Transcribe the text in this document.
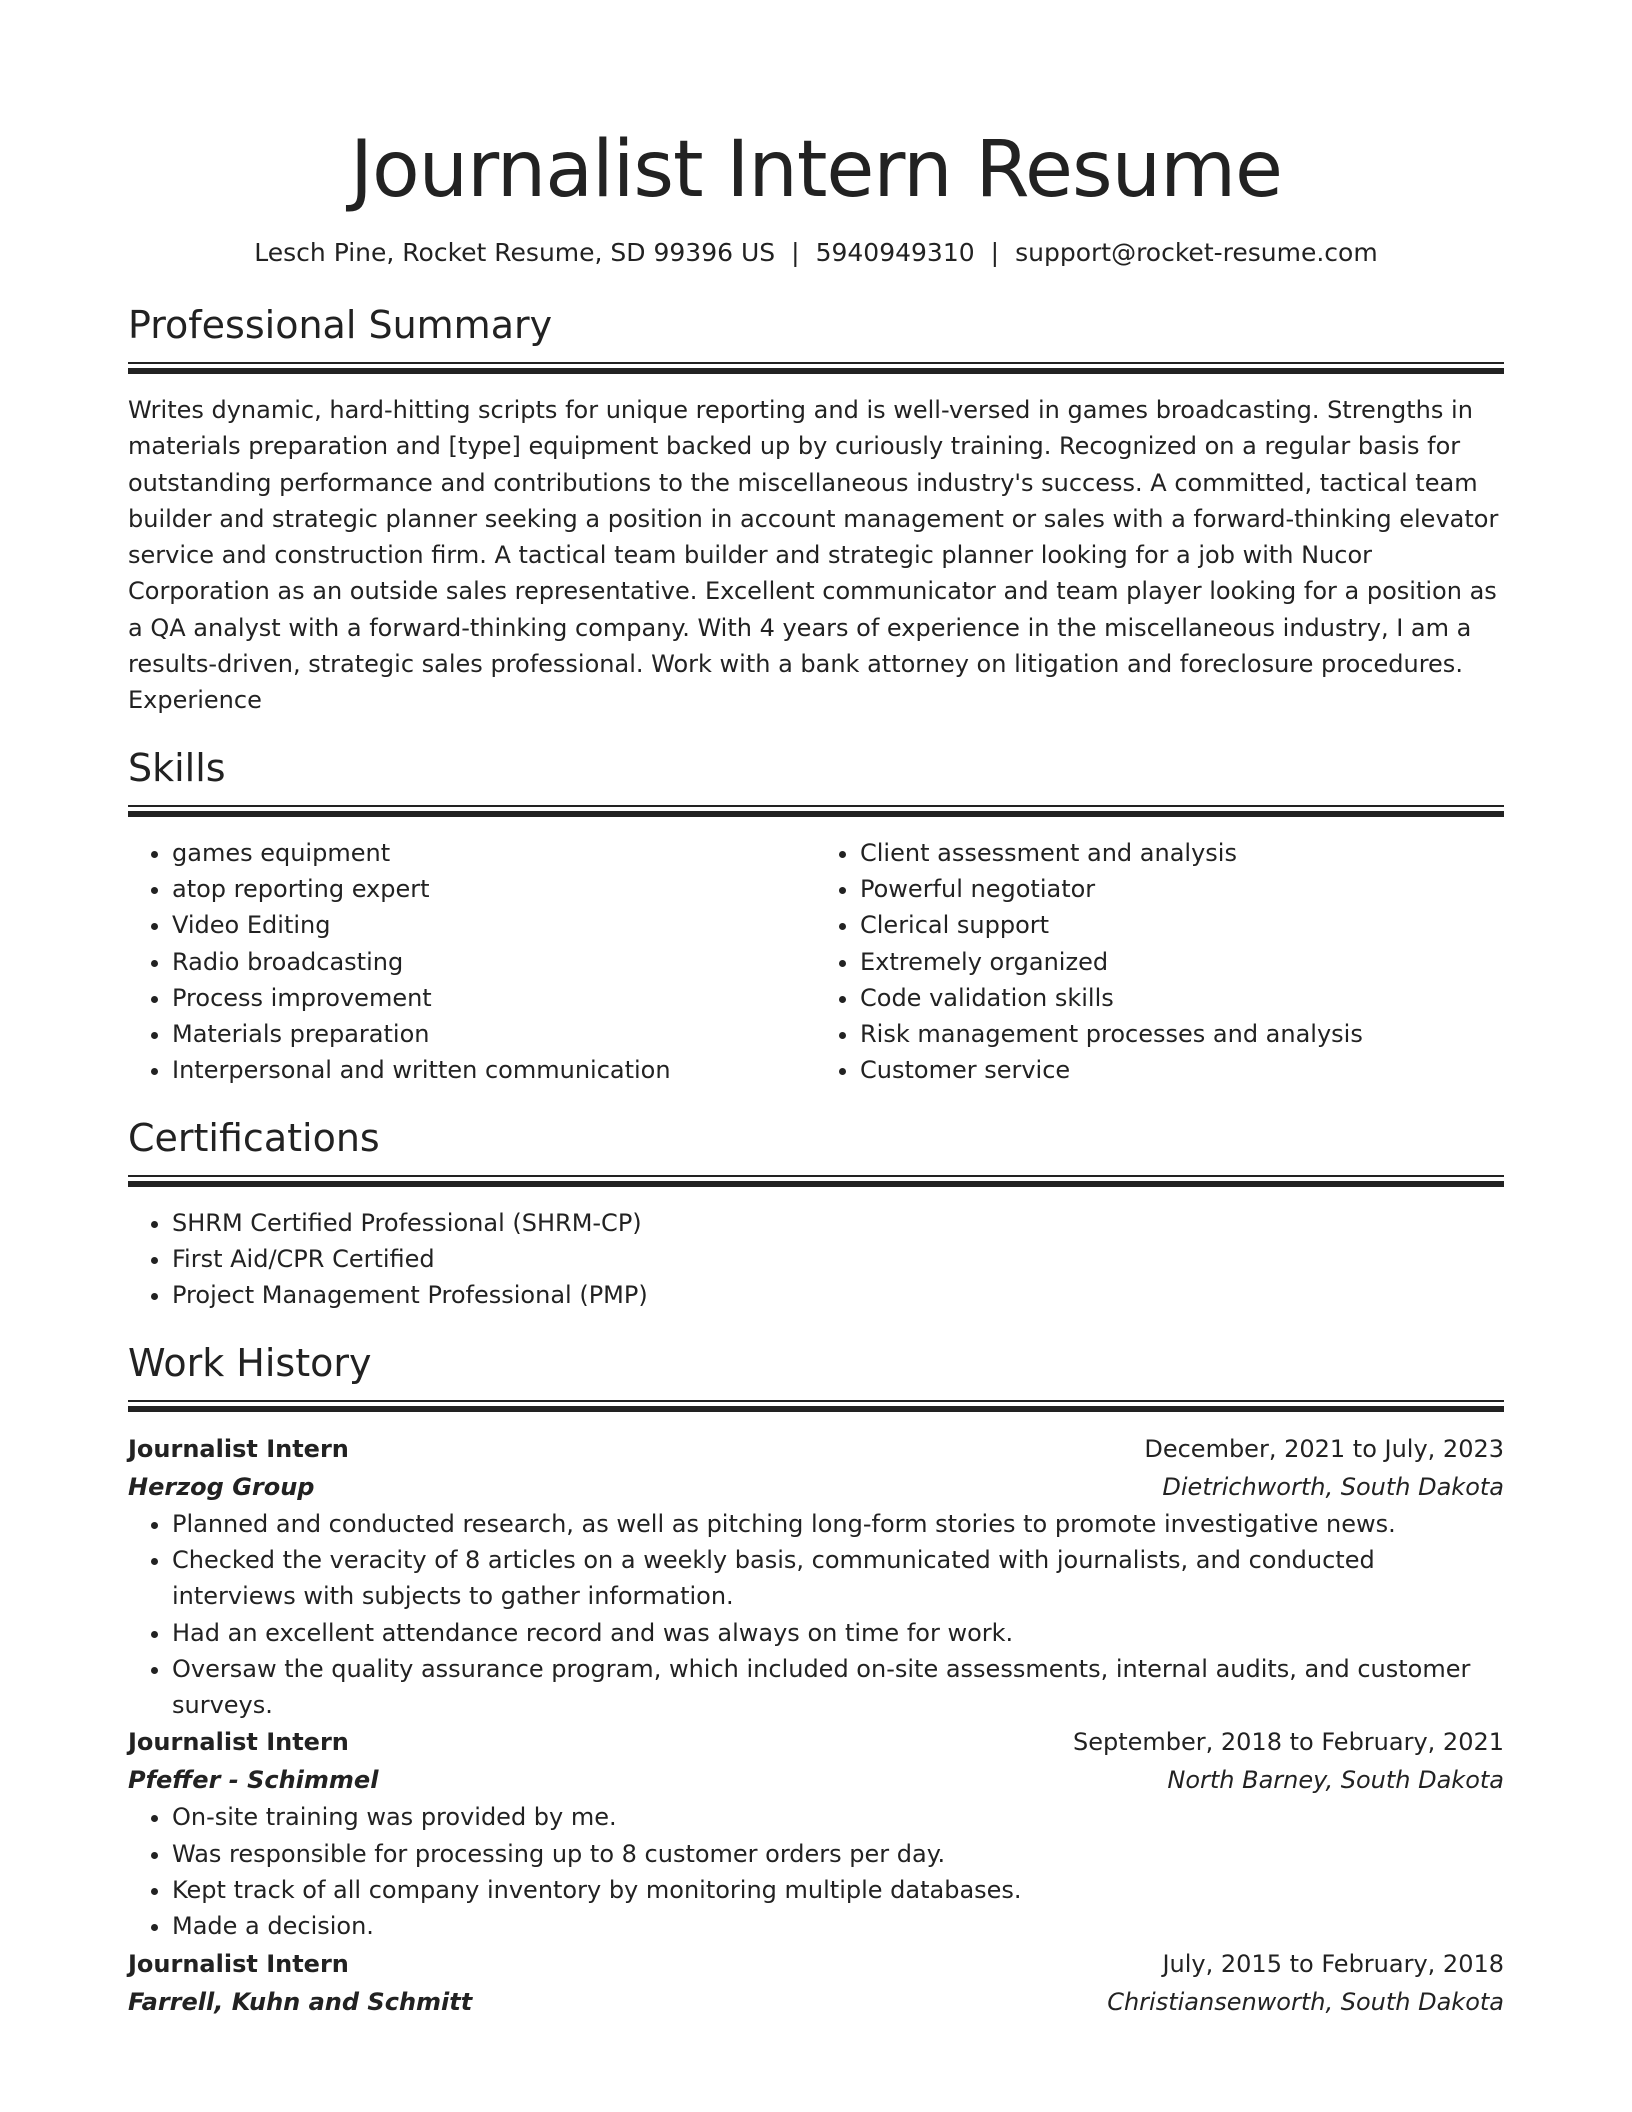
Journalist Intern Resume
Lesch Pine, Rocket Resume, SD 99396 US | 5940949310 | support@rocket-resume.com
Professional Summary

Writes dynamic, hard-hitting scripts for unique reporting and is well-versed in games broadcasting. Strengths in materials preparation and [type] equipment backed up by curiously training. Recognized on a regular basis for outstanding performance and contributions to the miscellaneous industry's success. A committed, tactical team builder and strategic planner seeking a position in account management or sales with a forward-thinking elevator service and construction firm. A tactical team builder and strategic planner looking for a job with Nucor Corporation as an outside sales representative. Excellent communicator and team player looking for a position as a QA analyst with a forward-thinking company. With 4 years of experience in the miscellaneous industry, I am a results-driven, strategic sales professional. Work with a bank attorney on litigation and foreclosure procedures. Experience

Skills
• games equipment
• atop reporting expert
• Video Editing
• Radio broadcasting
• Process improvement
• Materials preparation
• Interpersonal and written communication
• Client assessment and analysis
• Powerful negotiator
• Clerical support
• Extremely organized
• Code validation skills
• Risk management processes and analysis
• Customer service
Certifications
• SHRM Certified Professional (SHRM-CP)
• First Aid/CPR Certified
• Project Management Professional (PMP)
Work History
Journalist Intern	December, 2021 to July, 2023
Herzog Group	Dietrichworth, South Dakota
• Planned and conducted research, as well as pitching long-form stories to promote investigative news.
• Checked the veracity of 8 articles on a weekly basis, communicated with journalists, and conducted interviews with subjects to gather information.
• Had an excellent attendance record and was always on time for work.
• Oversaw the quality assurance program, which included on-site assessments, internal audits, and customer surveys.
Journalist Intern	September, 2018 to February, 2021
Pfeffer - Schimmel	North Barney, South Dakota
• On-site training was provided by me.
• Was responsible for processing up to 8 customer orders per day.
• Kept track of all company inventory by monitoring multiple databases.
• Made a decision.
Journalist Intern	July, 2015 to February, 2018
Farrell, Kuhn and Schmitt	Christiansenworth, South Dakota
